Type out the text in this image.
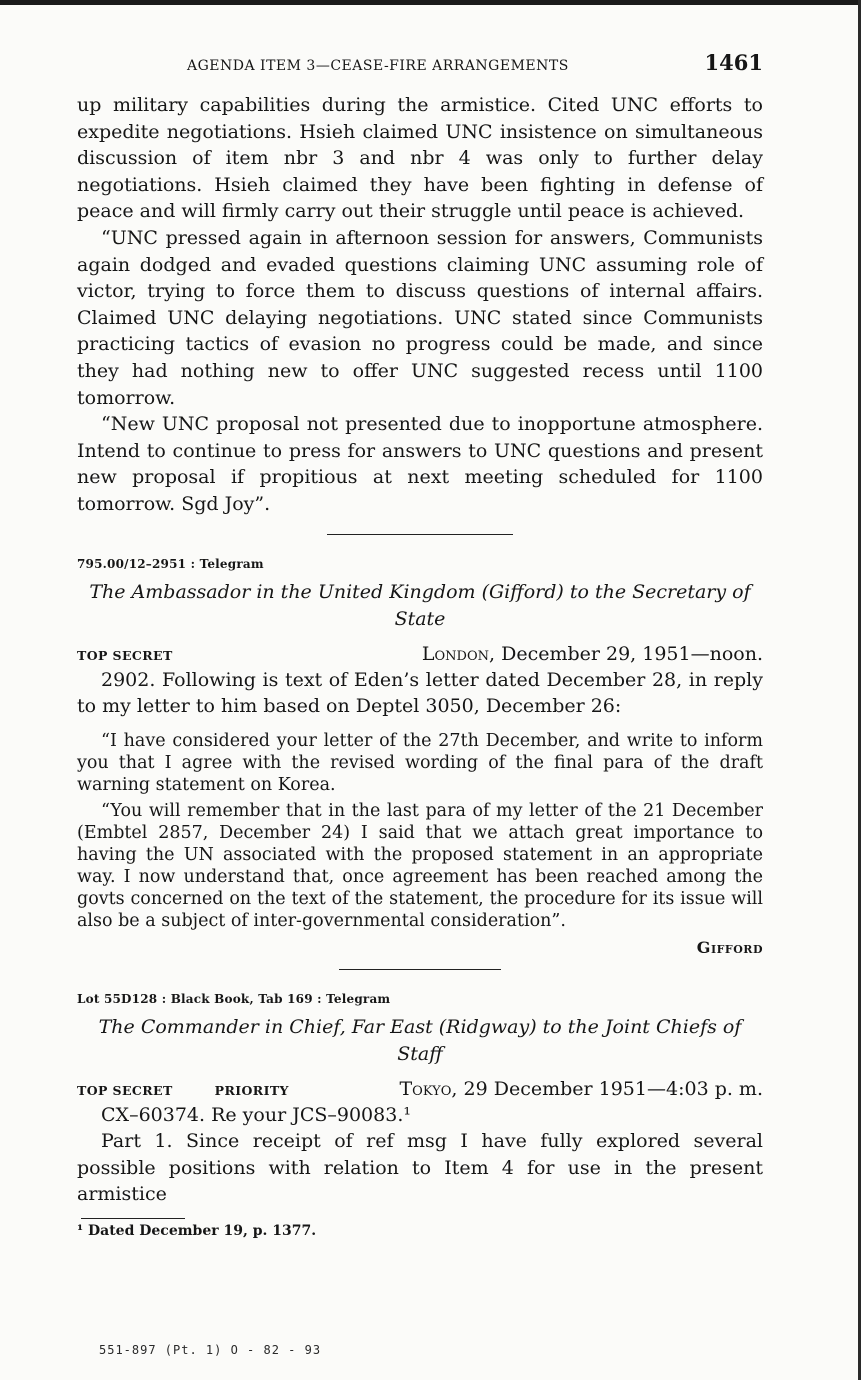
AGENDA ITEM 3—CEASE-FIRE ARRANGEMENTS	1461

up military capabilities during the armistice. Cited UNC efforts to expedite negotiations. Hsieh claimed UNC insistence on simultaneous discussion of item nbr 3 and nbr 4 was only to further delay negotiations. Hsieh claimed they have been fighting in defense of peace and will firmly carry out their struggle until peace is achieved.

“UNC pressed again in afternoon session for answers, Communists again dodged and evaded questions claiming UNC assuming role of victor, trying to force them to discuss questions of internal affairs. Claimed UNC delaying negotiations. UNC stated since Communists practicing tactics of evasion no progress could be made, and since they had nothing new to offer UNC suggested recess until 1100 tomorrow.

“New UNC proposal not presented due to inopportune atmosphere. Intend to continue to press for answers to UNC questions and present new proposal if propitious at next meeting scheduled for 1100 tomorrow. Sgd Joy”.

795.00/12–2951 : Telegram

The Ambassador in the United Kingdom (Gifford) to the Secretary of State

TOP SECRET	London, December 29, 1951—noon.

2902. Following is text of Eden’s letter dated December 28, in reply to my letter to him based on Deptel 3050, December 26:

“I have considered your letter of the 27th December, and write to inform you that I agree with the revised wording of the final para of the draft warning statement on Korea.

“You will remember that in the last para of my letter of the 21 December (Embtel 2857, December 24) I said that we attach great importance to having the UN associated with the proposed statement in an appropriate way. I now understand that, once agreement has been reached among the govts concerned on the text of the statement, the procedure for its issue will also be a subject of inter-governmental consideration”.

Gifford

Lot 55D128 : Black Book, Tab 169 : Telegram

The Commander in Chief, Far East (Ridgway) to the Joint Chiefs of Staff

TOP SECRET	PRIORITY	Tokyo, 29 December 1951—4:03 p. m.

CX–60374. Re your JCS–90083.¹

Part 1. Since receipt of ref msg I have fully explored several possible positions with relation to Item 4 for use in the present armistice

¹ Dated December 19, p. 1377.

551-897 (Pt. 1) O - 82 - 93
